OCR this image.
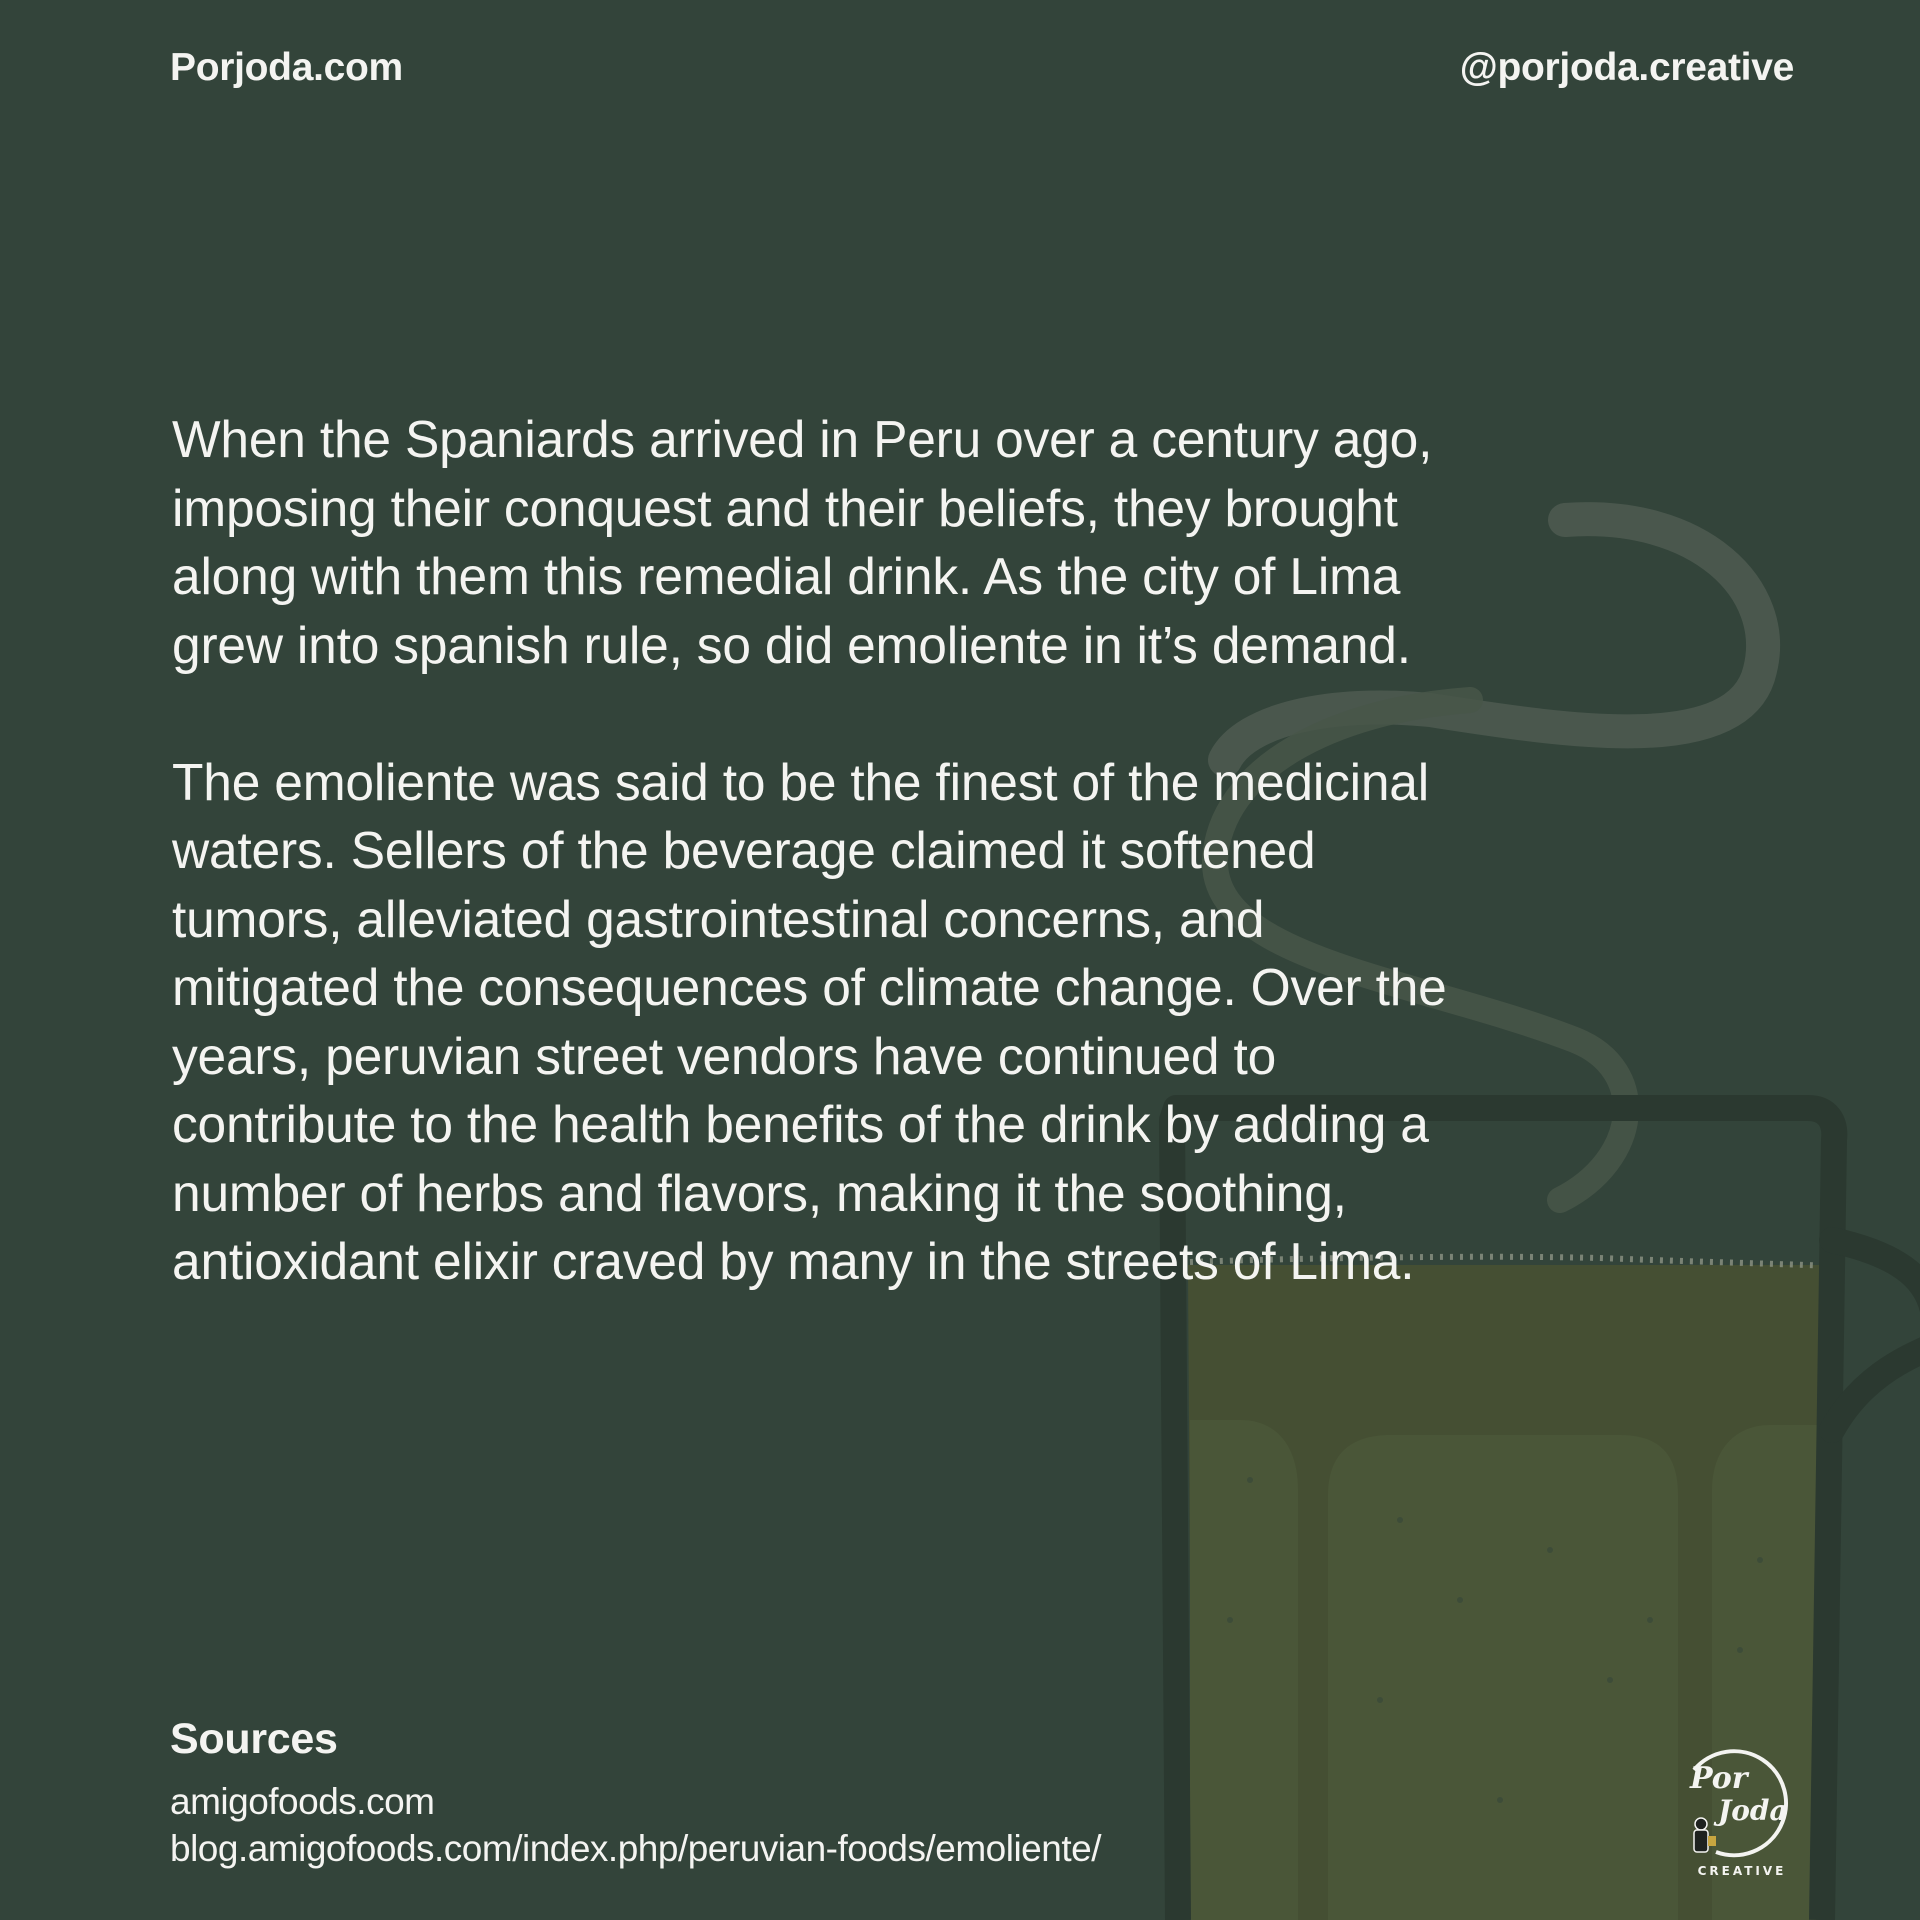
Porjoda.com	@porjoda.creative

When the Spaniards arrived in Peru over a century ago,
imposing their conquest and their beliefs, they brought
along with them this remedial drink. As the city of Lima
grew into spanish rule, so did emoliente in it’s demand.

The emoliente was said to be the finest of the medicinal
waters. Sellers of the beverage claimed it softened
tumors, alleviated gastrointestinal concerns, and
mitigated the consequences of climate change. Over the
years, peruvian street vendors have continued to
contribute to the health benefits of the drink by adding a
number of herbs and flavors, making it the soothing,
antioxidant elixir craved by many in the streets of Lima.

Sources
amigofoods.com
blog.amigofoods.com/index.php/peruvian-foods/emoliente/
Por
Joda
CREATIVE
